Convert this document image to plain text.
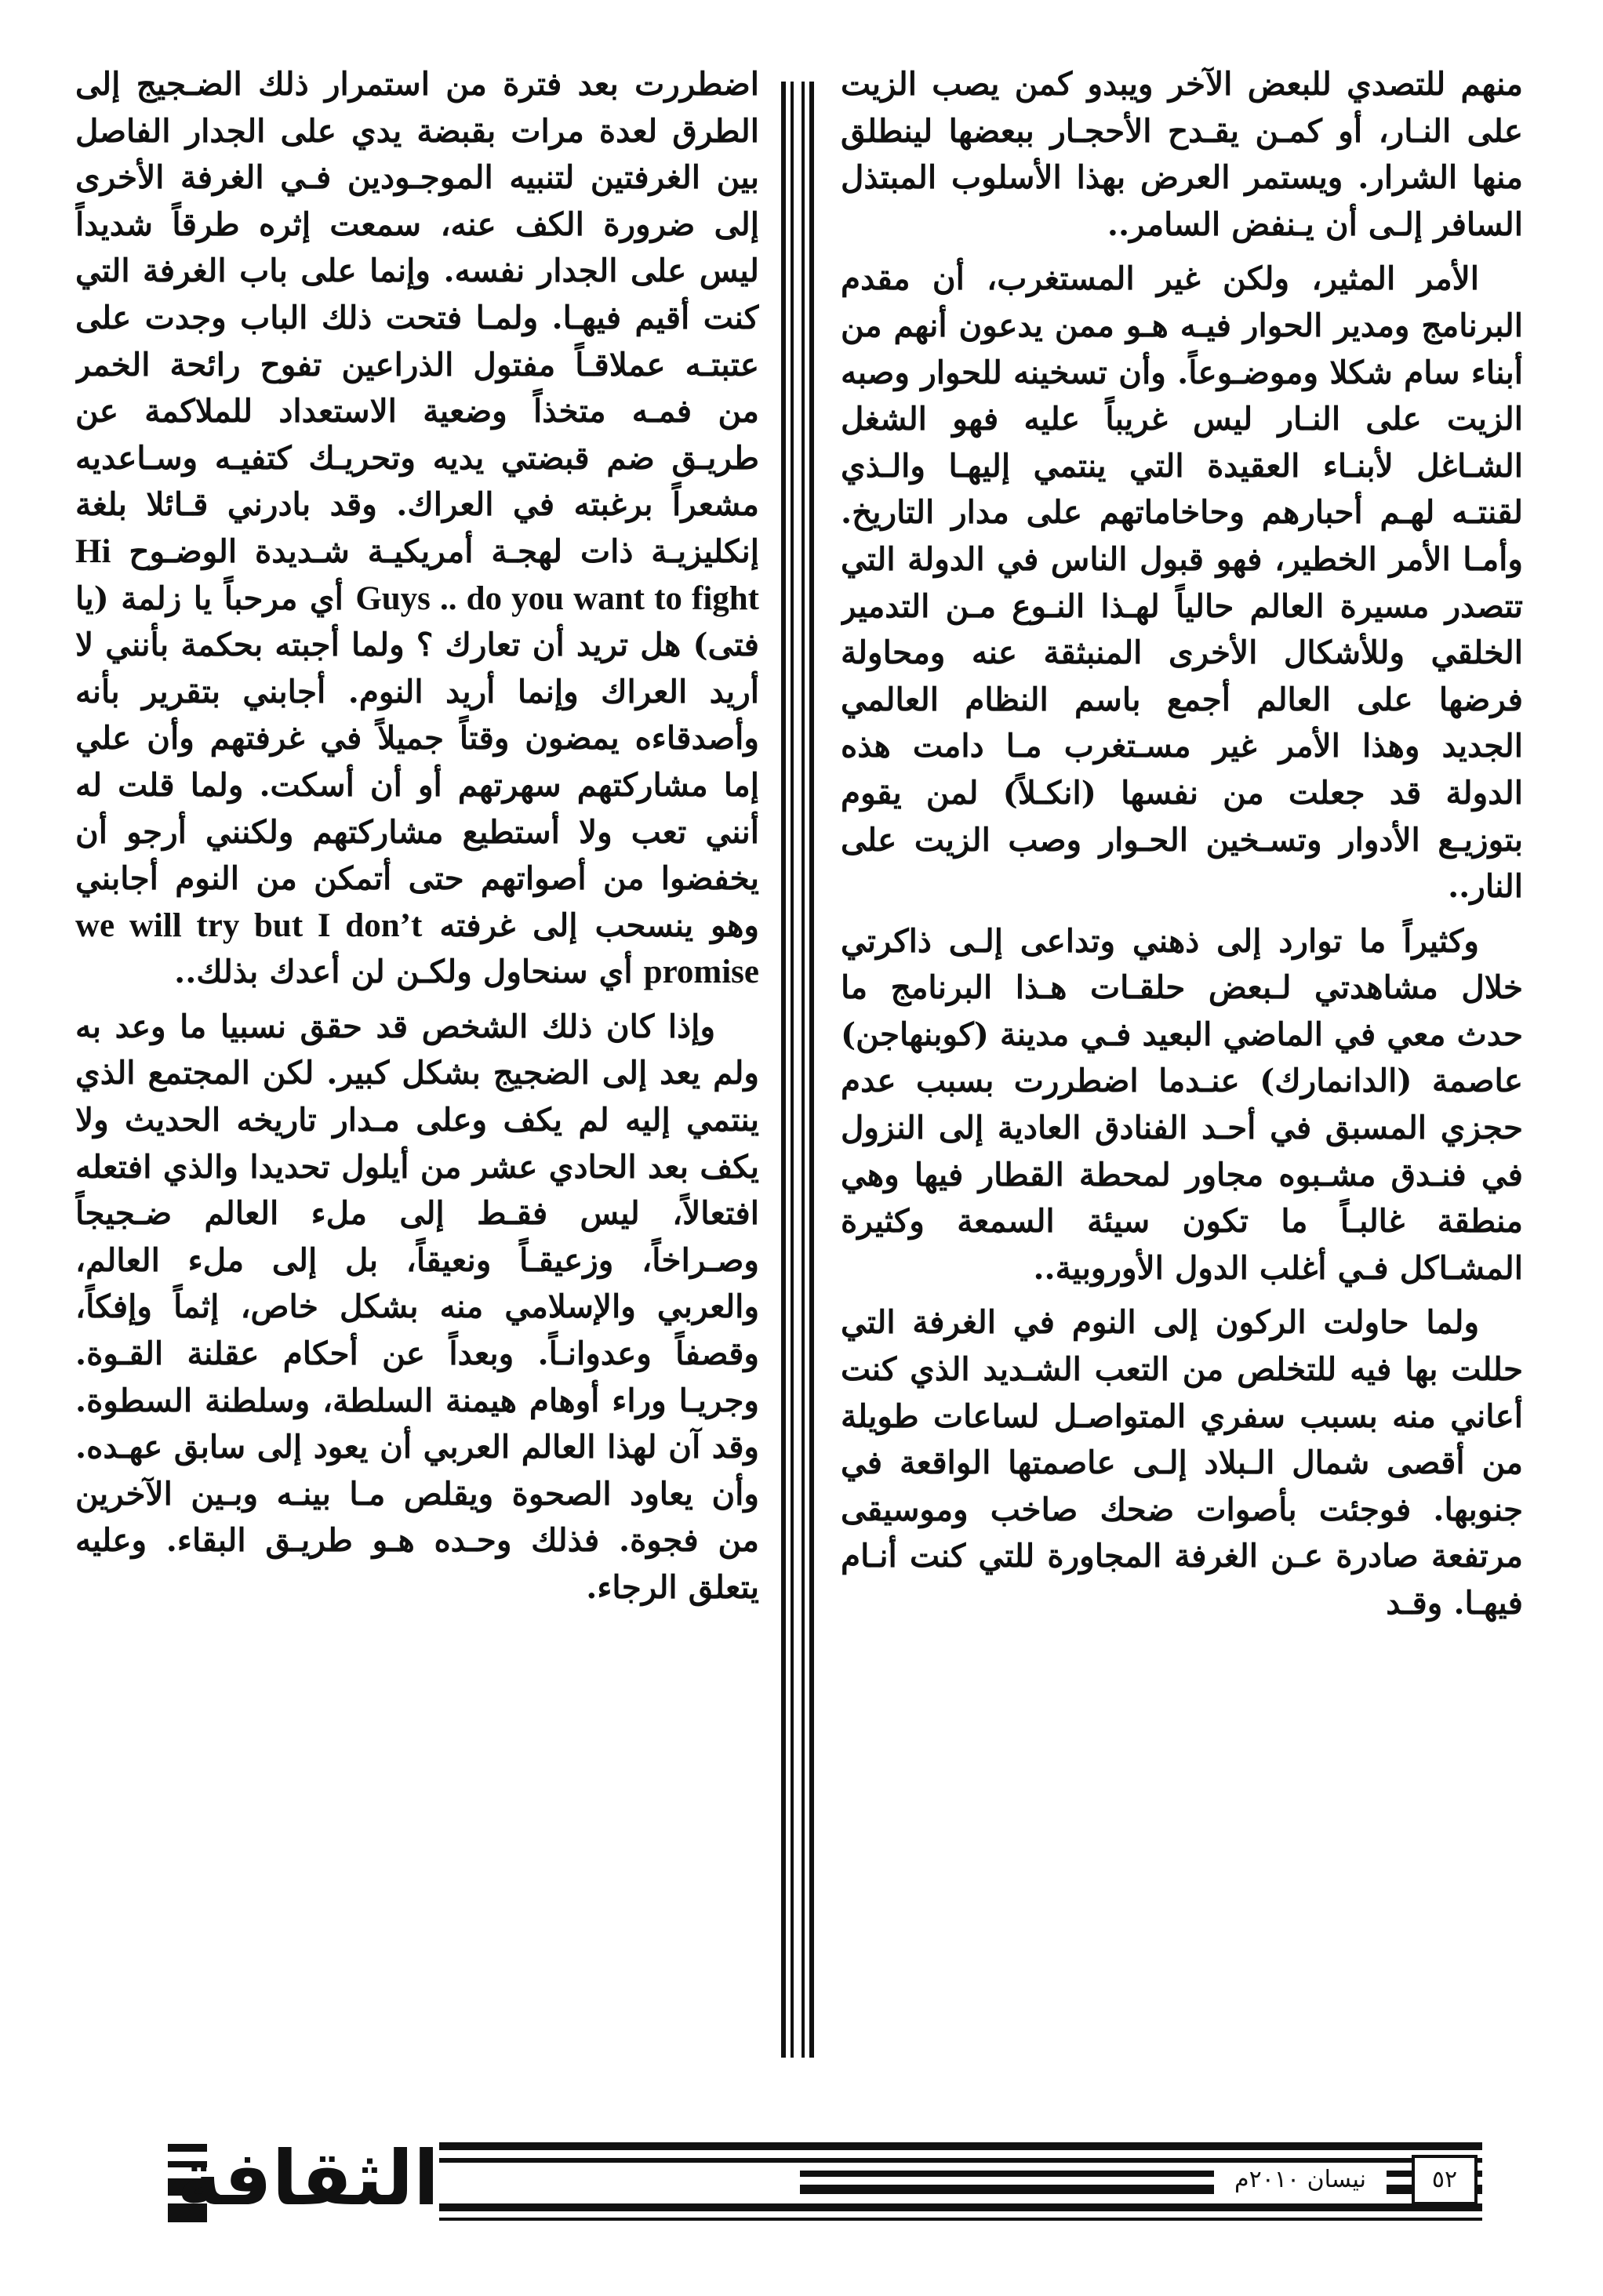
منهم للتصدي للبعض الآخر ويبدو كمن يصب الزيت على النـار، أو كمـن يقـدح الأحجـار ببعضها لينطلق منها الشرار. ويستمر العرض بهذا الأسلوب المبتذل السافر إلـى أن يـنفض السامر..

الأمر المثير، ولكن غير المستغرب، أن مقدم البرنامج ومدير الحوار فيـه هـو ممن يدعون أنهم من أبناء سام شكلا وموضـوعاً. وأن تسخينه للحوار وصبه الزيت على النـار ليس غريباً عليه فهو الشغل الشـاغل لأبنـاء العقيدة التي ينتمي إليهـا والـذي لقنتـه لهـم أحبارهم وحاخاماتهم على مدار التاريخ. وأمـا الأمر الخطير، فهو قبول الناس في الدولة التي تتصدر مسيرة العالم حالياً لهـذا النـوع مـن التدمير الخلقي وللأشكال الأخرى المنبثقة عنه ومحاولة فرضها على العالم أجمع باسم النظام العالمي الجديد وهذا الأمر غير مسـتغرب مـا دامت هذه الدولة قد جعلت من نفسها (انكـلاً) لمن يقوم بتوزيـع الأدوار وتسـخين الحـوار وصب الزيت على النار..

وكثيراً ما توارد إلى ذهني وتداعى إلـى ذاكرتي خلال مشاهدتي لـبعض حلقـات هـذا البرنامج ما حدث معي في الماضي البعيد فـي مدينة (كوبنهاجن) عاصمة (الدانمارك) عنـدما اضطررت بسبب عدم حجزي المسبق في أحـد الفنادق العادية إلى النزول في فنـدق مشـبوه مجاور لمحطة القطار فيها وهي منطقة غالبـاً ما تكون سيئة السمعة وكثيرة المشـاكل فـي أغلب الدول الأوروبية..

ولما حاولت الركون إلى النوم في الغرفة التي حللت بها فيه للتخلص من التعب الشـديد الذي كنت أعاني منه بسبب سفري المتواصـل لساعات طويلة من أقصى شمال الـبلاد إلـى عاصمتها الواقعة في جنوبها. فوجئت بأصوات ضحك صاخب وموسيقى مرتفعة صادرة عـن الغرفة المجاورة للتي كنت أنـام فيهـا. وقـد

اضطررت بعد فترة من استمرار ذلك الضـجيج إلى الطرق لعدة مرات بقبضة يدي على الجدار الفاصل بين الغرفتين لتنبيه الموجـودين فـي الغرفة الأخرى إلى ضرورة الكف عنه، سمعت إثره طرقاً شديداً ليس على الجدار نفسه. وإنما على باب الغرفة التي كنت أقيم فيهـا. ولمـا فتحت ذلك الباب وجدت على عتبتـه عملاقـاً مفتول الذراعين تفوح رائحة الخمر من فمـه متخذاً وضعية الاستعداد للملاكمة عن طريـق ضم قبضتي يديه وتحريـك كتفيـه وسـاعديه مشعراً برغبته في العراك. وقد بادرني قـائلا بلغة إنكليزيـة ذات لهجـة أمريكيـة شـديدة الوضـوح Hi Guys .. do you want to fight أي مرحباً يا زلمة (يا فتى) هل تريد أن تعارك ؟ ولما أجبته بحكمة بأنني لا أريد العراك وإنما أريد النوم. أجابني بتقرير بأنه وأصدقاءه يمضون وقتاً جميلاً في غرفتهم وأن علي إما مشاركتهم سهرتهم أو أن أسكت. ولما قلت له أنني تعب ولا أستطيع مشاركتهم ولكنني أرجو أن يخفضوا من أصواتهم حتى أتمكن من النوم أجابني وهو ينسحب إلى غرفته we will try but I don’t promise أي سنحاول ولكـن لن أعدك بذلك..

وإذا كان ذلك الشخص قد حقق نسبيا ما وعد به ولم يعد إلى الضجيج بشكل كبير. لكن المجتمع الذي ينتمي إليه لم يكف وعلى مـدار تاريخه الحديث ولا يكف بعد الحادي عشر من أيلول تحديدا والذي افتعله افتعالاً، ليس فقـط إلى ملء العالم ضـجيجاً وصـراخاً، وزعيقـاً ونعيقاً، بل إلى ملء العالم، والعربي والإسلامي منه بشكل خاص، إثماً وإفكاً، وقصفاً وعدوانـاً. وبعداً عن أحكام عقلنة القـوة. وجريـا وراء أوهام هيمنة السلطة، وسلطنة السطوة. وقد آن لهذا العالم العربي أن يعود إلى سابق عهـده. وأن يعاود الصحوة ويقلص مـا بينـه وبـين الآخرين من فجوة. فذلك وحـده هـو طريـق البقاء. وعليه يتعلق الرجاء.

الثقافة	نيسان ٢٠١٠م	٥٢
